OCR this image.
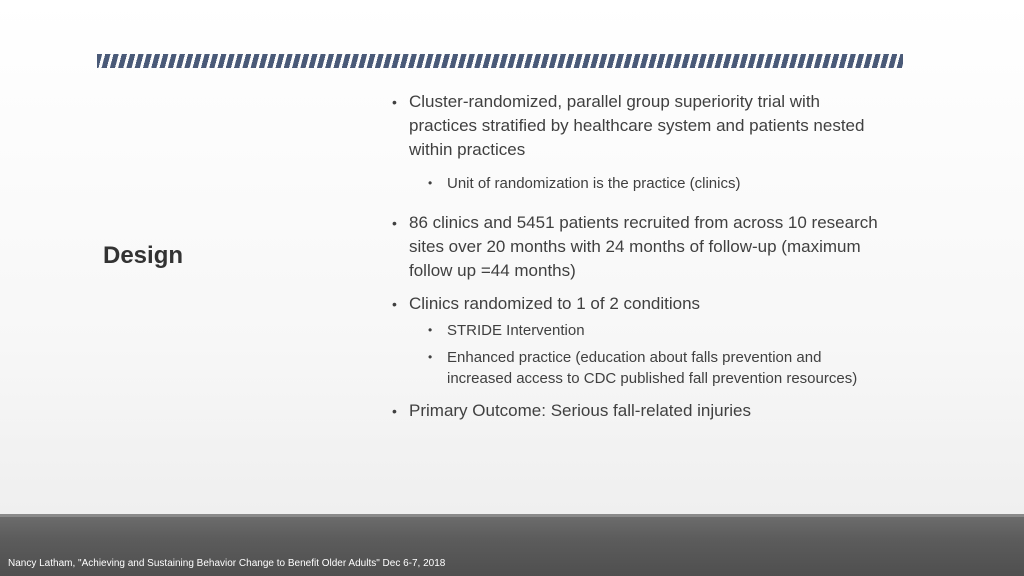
Design
• Cluster-randomized, parallel group superiority trial with practices stratified by healthcare system and patients nested within practices
• Unit of randomization is the practice (clinics)
• 86 clinics and 5451 patients recruited from across 10 research sites over 20 months with 24 months of follow-up (maximum follow up =44 months)
• Clinics randomized to 1 of 2 conditions
• STRIDE Intervention
• Enhanced practice (education about falls prevention and increased access to CDC published fall prevention resources)
• Primary Outcome: Serious fall-related injuries
Nancy Latham, "Achieving and Sustaining Behavior Change to Benefit Older Adults" Dec 6-7, 2018
